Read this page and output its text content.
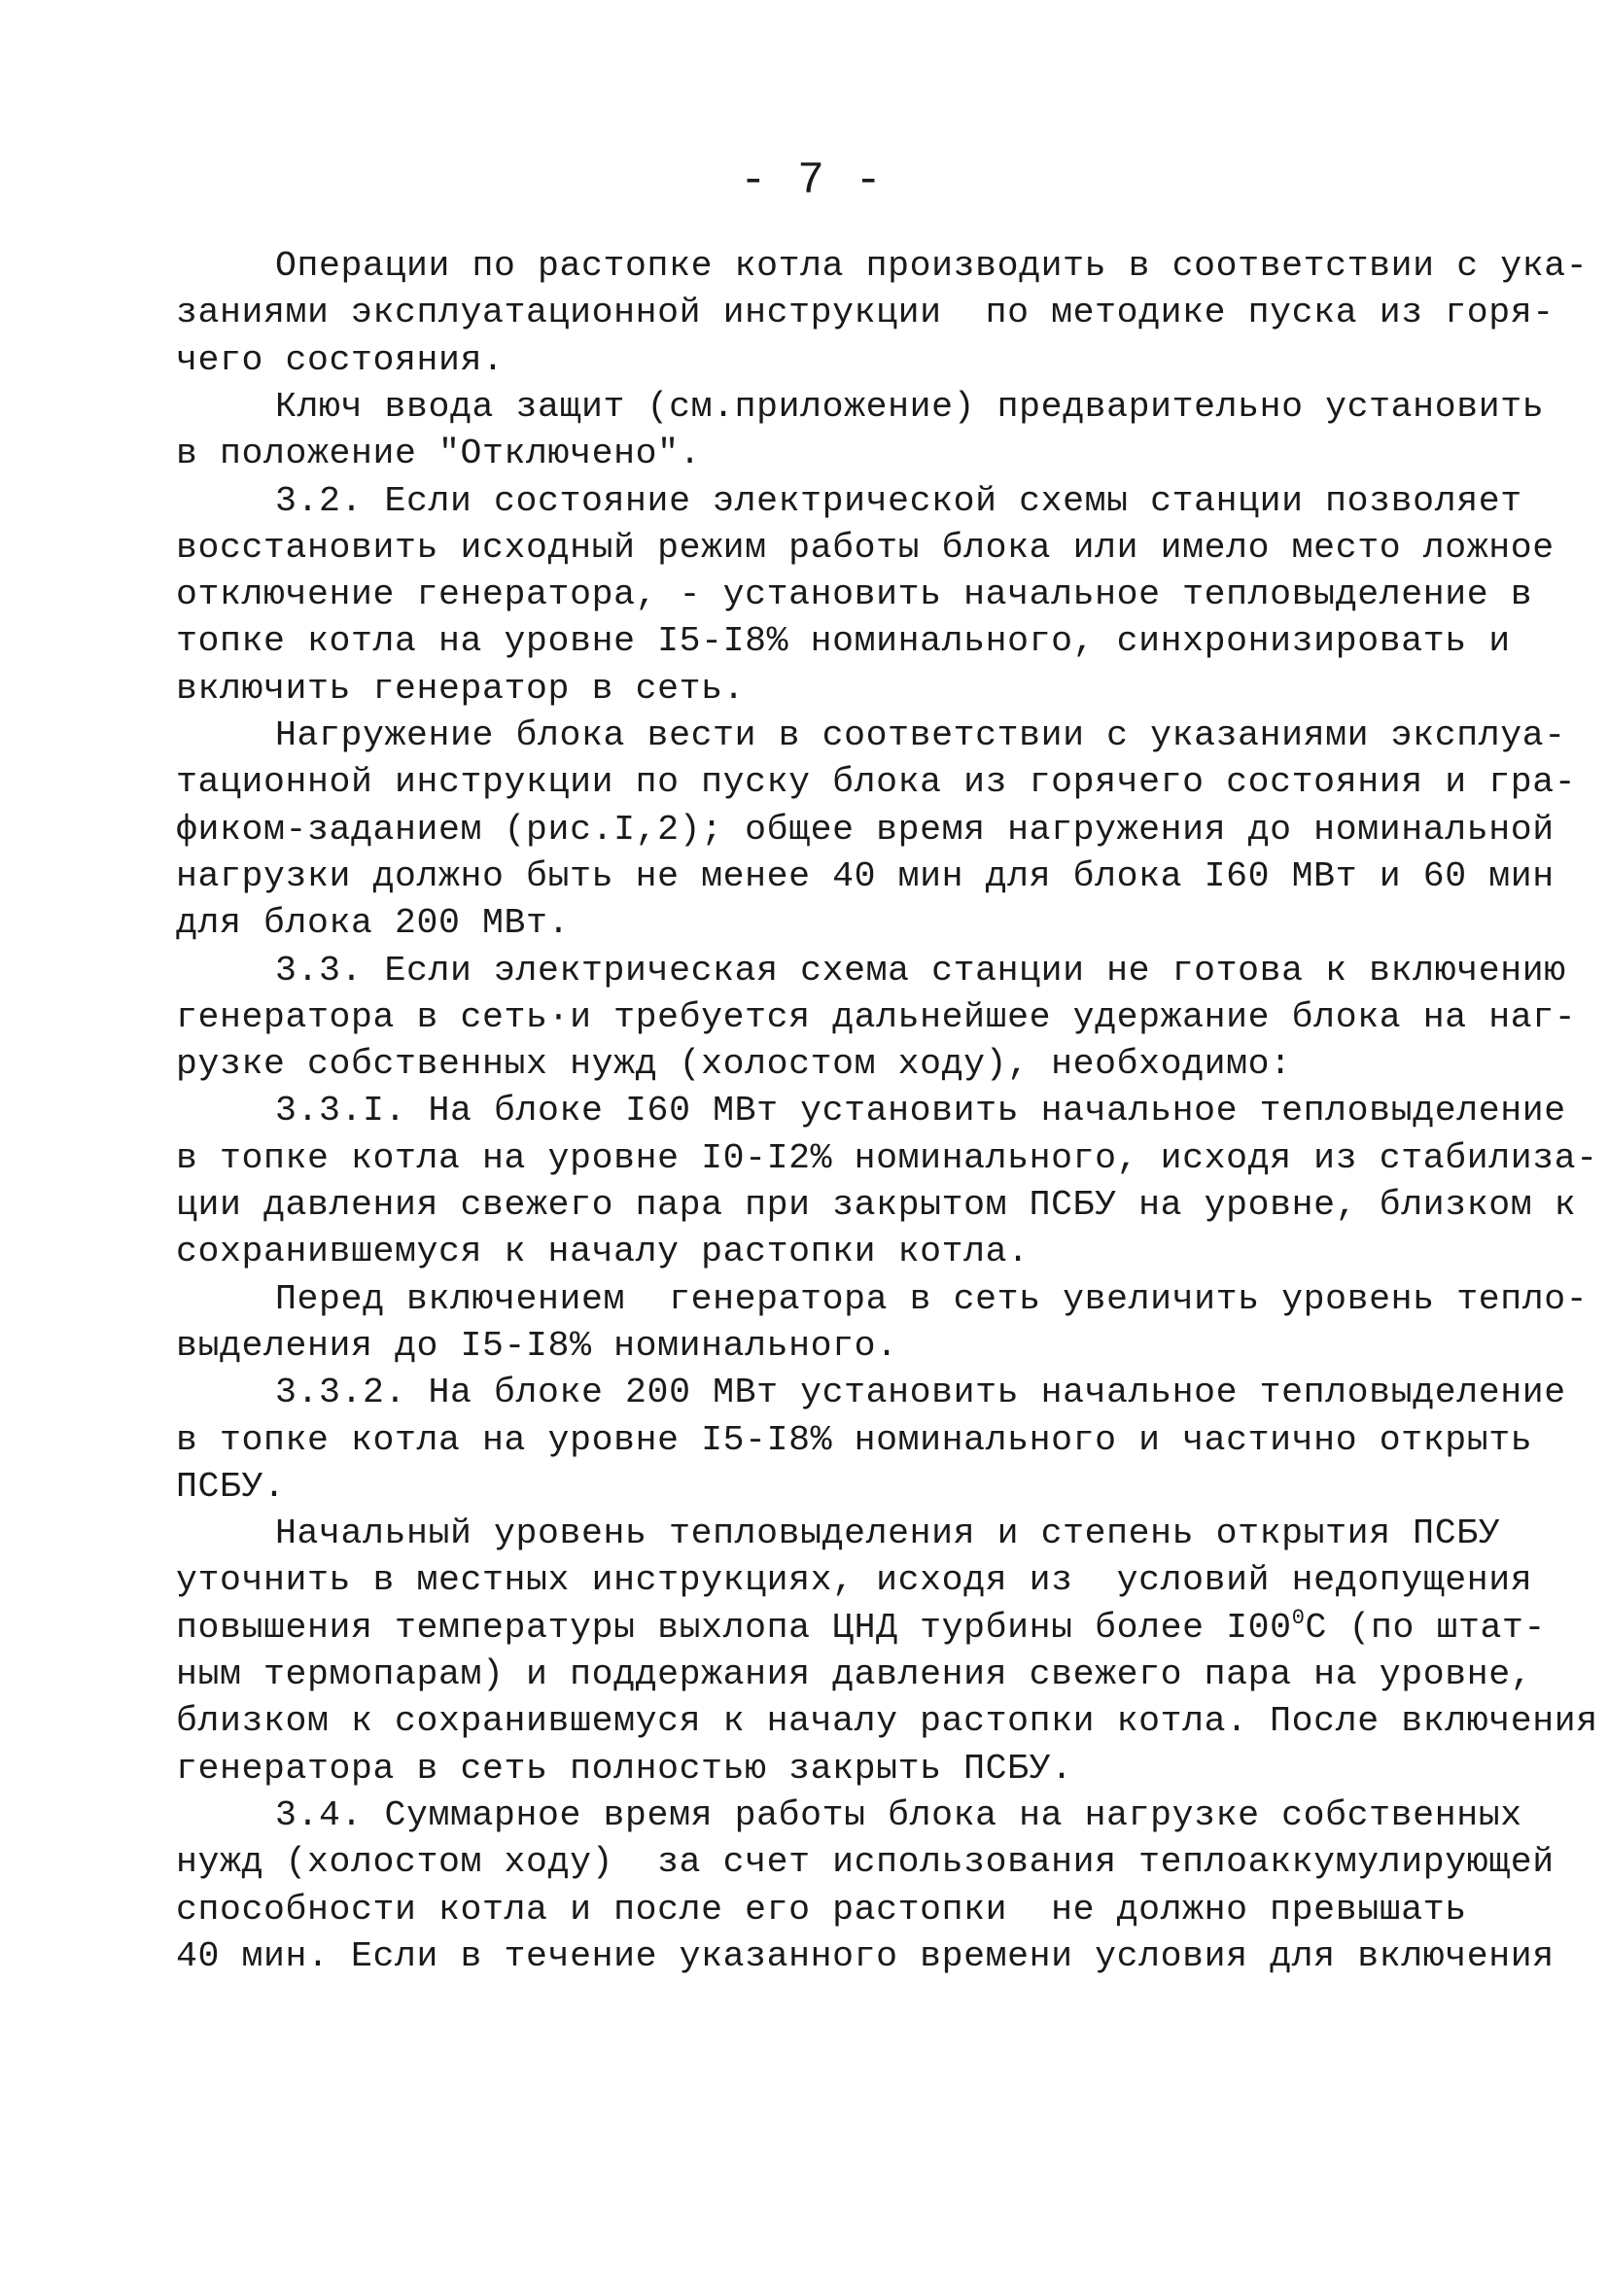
- 7 -
Операции по растопке котла производить в соответствии с ука-
заниями эксплуатационной инструкции  по методике пуска из горя-
чего состояния.
Ключ ввода защит (см.приложение) предварительно установить
в положение "Отключено".
3.2. Если состояние электрической схемы станции позволяет
восстановить исходный режим работы блока или имело место ложное
отключение генератора, - установить начальное тепловыделение в
топке котла на уровне I5-I8% номинального, синхронизировать и
включить генератор в сеть.
Нагружение блока вести в соответствии с указаниями эксплуа-
тационной инструкции по пуску блока из горячего состояния и гра-
фиком-заданием (рис.I,2); общее время нагружения до номинальной
нагрузки должно быть не менее 40 мин для блока I60 МВт и 60 мин
для блока 200 МВт.
3.3. Если электрическая схема станции не готова к включению
генератора в сеть·и требуется дальнейшее удержание блока на наг-
рузке собственных нужд (холостом ходу), необходимо:
3.3.I. На блоке I60 МВт установить начальное тепловыделение
в топке котла на уровне I0-I2% номинального, исходя из стабилиза-
ции давления свежего пара при закрытом ПСБУ на уровне, близком к
сохранившемуся к началу растопки котла.
Перед включением  генератора в сеть увеличить уровень тепло-
выделения до I5-I8% номинального.
3.3.2. На блоке 200 МВт установить начальное тепловыделение
в топке котла на уровне I5-I8% номинального и частично открыть
ПСБУ.
Начальный уровень тепловыделения и степень открытия ПСБУ
уточнить в местных инструкциях, исходя из  условий недопущения
повышения температуры выхлопа ЦНД турбины более $I00^0С$ (по штат-
ным термопарам) и поддержания давления свежего пара на уровне,
близком к сохранившемуся к началу растопки котла. После включения
генератора в сеть полностью закрыть ПСБУ.
3.4. Суммарное время работы блока на нагрузке собственных
нужд (холостом ходу)  за счет использования теплоаккумулирующей
способности котла и после его растопки  не должно превышать
40 мин. Если в течение указанного времени условия для включения
